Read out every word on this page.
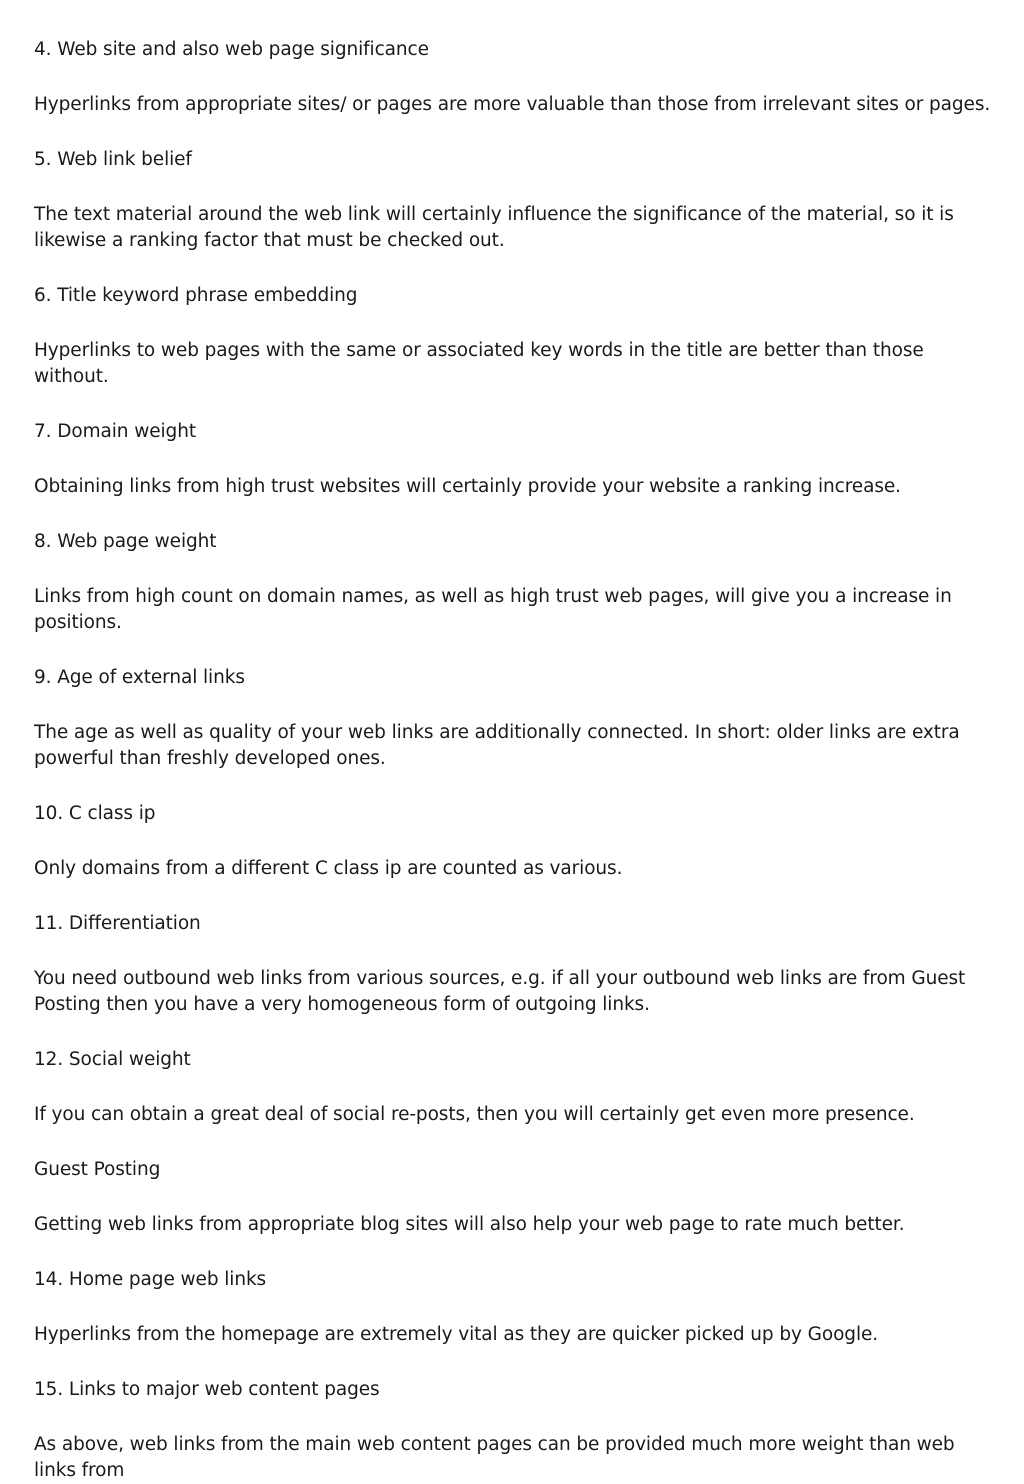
4. Web site and also web page significance

Hyperlinks from appropriate sites/ or pages are more valuable than those from irrelevant sites or pages.

5. Web link belief

The text material around the web link will certainly influence the significance of the material, so it is likewise a ranking factor that must be checked out.

6. Title keyword phrase embedding

Hyperlinks to web pages with the same or associated key words in the title are better than those without.

7. Domain weight

Obtaining links from high trust websites will certainly provide your website a ranking increase.

8. Web page weight

Links from high count on domain names, as well as high trust web pages, will give you a increase in positions.

9. Age of external links

The age as well as quality of your web links are additionally connected. In short: older links are extra powerful than freshly developed ones.

10. C class ip

Only domains from a different C class ip are counted as various.

11. Differentiation

You need outbound web links from various sources, e.g. if all your outbound web links are from Guest Posting then you have a very homogeneous form of outgoing links.

12. Social weight

If you can obtain a great deal of social re-posts, then you will certainly get even more presence.

Guest Posting

Getting web links from appropriate blog sites will also help your web page to rate much better.

14. Home page web links

Hyperlinks from the homepage are extremely vital as they are quicker picked up by Google.

15. Links to major web content pages

As above, web links from the main web content pages can be provided much more weight than web links from
